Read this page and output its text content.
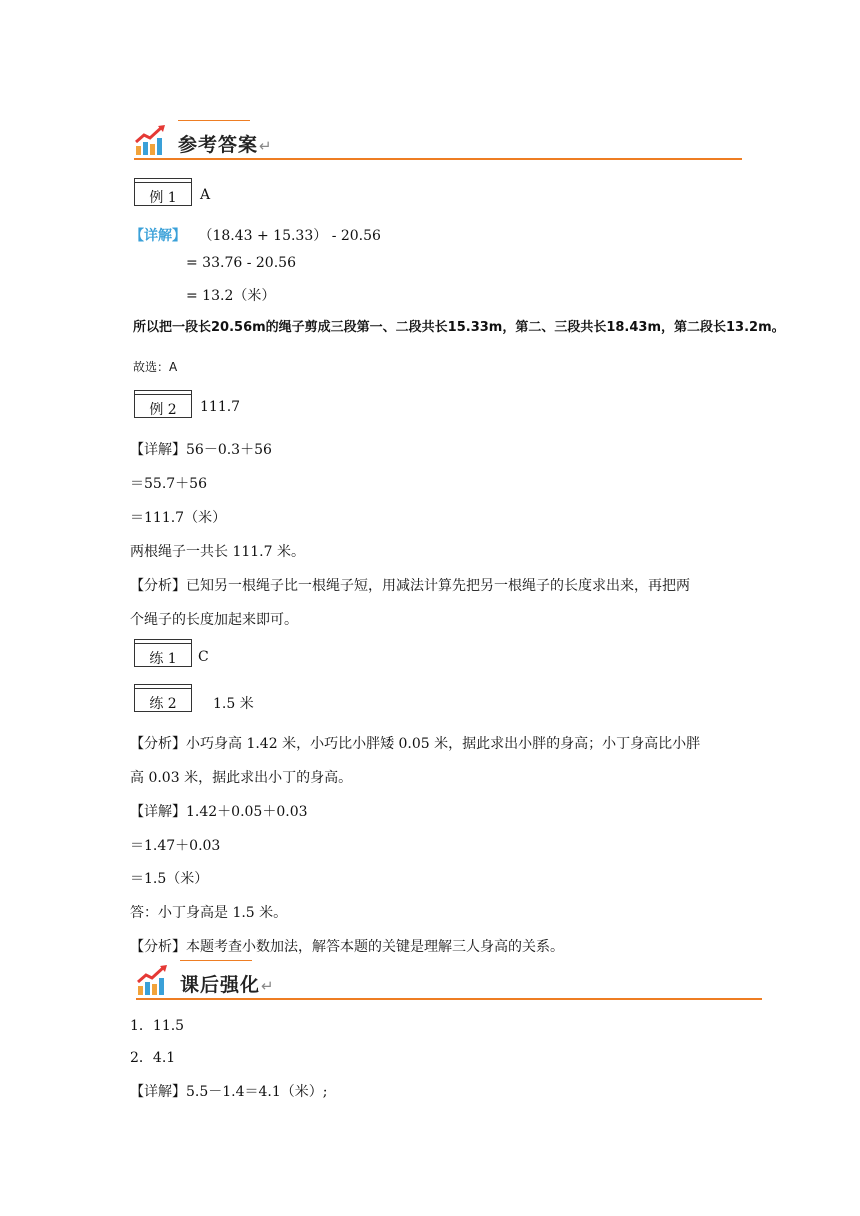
参考答案↵
例 1	A
【详解】 （18.43 + 15.33） - 20.56
= 33.76 - 20.56
= 13.2（米）
所以把一段长20.56m的绳子剪成三段第一、二段共长15.33m，第二、三段共长18.43m，第二段长13.2m。
故选：A
例 2	111.7
【详解】56－0.3＋56
＝55.7＋56
＝111.7（米）
两根绳子一共长 111.7 米。
【分析】已知另一根绳子比一根绳子短，用减法计算先把另一根绳子的长度求出来，再把两
个绳子的长度加起来即可。
练 1	C
练 2	1.5 米
【分析】小巧身高 1.42 米，小巧比小胖矮 0.05 米，据此求出小胖的身高；小丁身高比小胖
高 0.03 米，据此求出小丁的身高。
【详解】1.42＋0.05＋0.03
＝1.47＋0.03
＝1.5（米）
答：小丁身高是 1.5 米。
【分析】本题考查小数加法，解答本题的关键是理解三人身高的关系。
课后强化↵
1．11.5
2．4.1
【详解】5.5－1.4＝4.1（米）;
